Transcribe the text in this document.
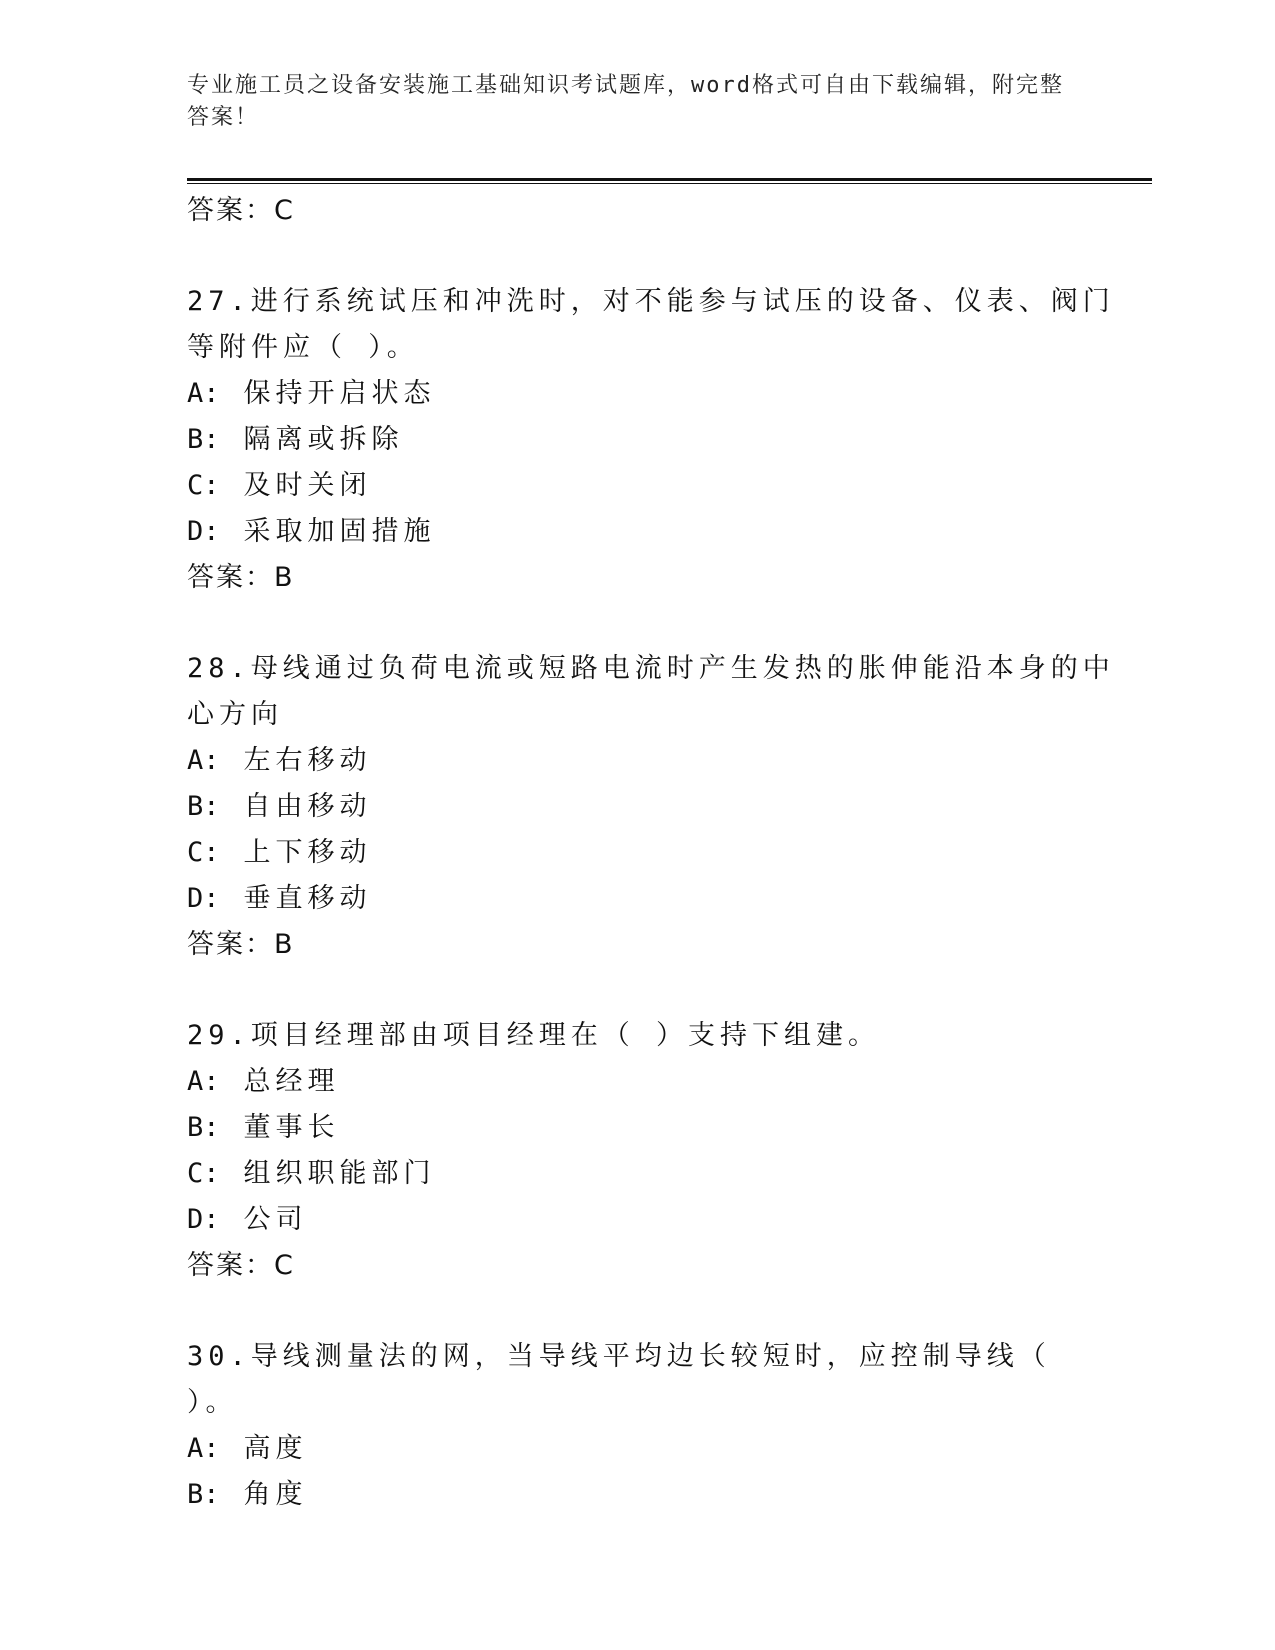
专业施工员之设备安装施工基础知识考试题库，word格式可自由下载编辑，附完整答案！
答案：C
27.进行系统试压和冲洗时，对不能参与试压的设备、仪表、阀门等附件应（ ）。
A: 保持开启状态
B: 隔离或拆除
C: 及时关闭
D: 采取加固措施
答案：B
28.母线通过负荷电流或短路电流时产生发热的胀伸能沿本身的中心方向
A: 左右移动
B: 自由移动
C: 上下移动
D: 垂直移动
答案：B
29.项目经理部由项目经理在（ ）支持下组建。
A: 总经理
B: 董事长
C: 组织职能部门
D: 公司
答案：C
30.导线测量法的网，当导线平均边长较短时，应控制导线（ ）。
A: 高度
B: 角度
